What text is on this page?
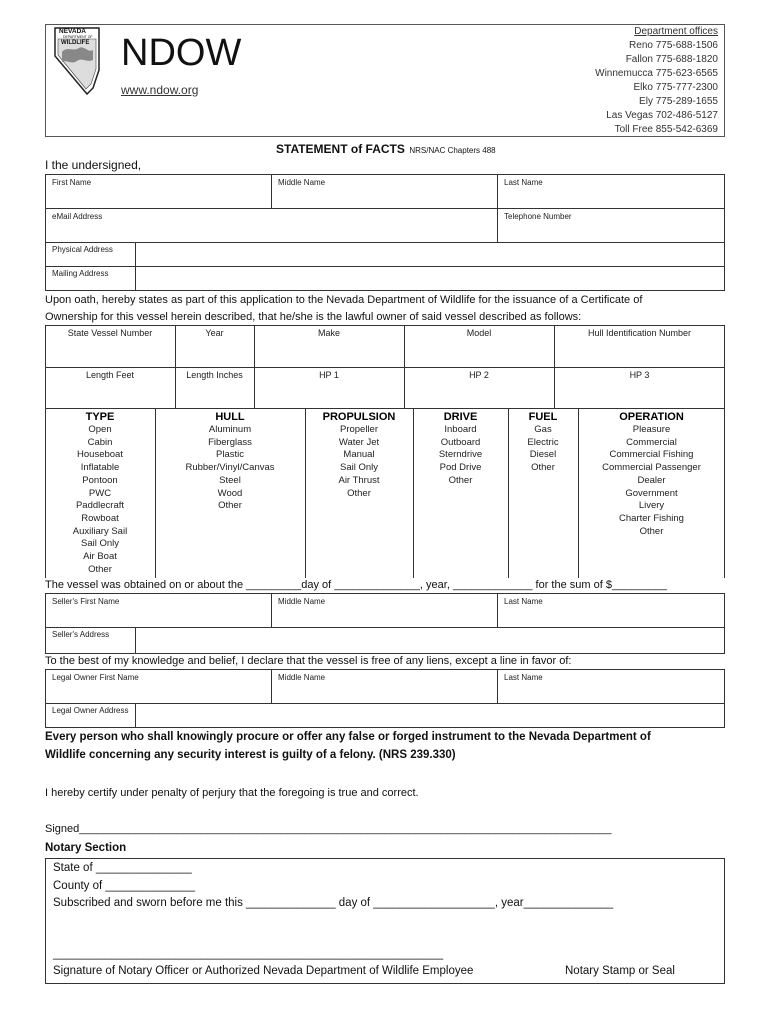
NEVADA
DEPARTMENT OF
WILDLIFE NDOW
www.ndow.org
Department offices
Reno 775-688-1506
Fallon 775-688-1820
Winnemucca 775-623-6565
Elko 775-777-2300
Ely 775-289-1655
Las Vegas 702-486-5127
Toll Free 855-542-6369
STATEMENT of FACTS NRS/NAC Chapters 488
I the undersigned,
First Name	Middle Name	Last Name
eMail Address	Telephone Number
Physical Address
Mailing Address
Upon oath, hereby states as part of this application to the Nevada Department of Wildlife for the issuance of a Certificate of
Ownership for this vessel herein described, that he/she is the lawful owner of said vessel described as follows:
State Vessel Number	Year	Make	Model	Hull Identification Number
Length Feet	Length Inches	HP 1	HP 2	HP 3
TYPE
Open
Cabin
Houseboat
Inflatable
Pontoon
PWC
Paddlecraft
Rowboat
Auxiliary Sail
Sail Only
Air Boat
Other
HULL
Aluminum
Fiberglass
Plastic
Rubber/Vinyl/Canvas
Steel
Wood
Other
PROPULSION
Propeller
Water Jet
Manual
Sail Only
Air Thrust
Other
DRIVE
Inboard
Outboard
Sterndrive
Pod Drive
Other
FUEL
Gas
Electric
Diesel
Other
OPERATION
Pleasure
Commercial
Commercial Fishing
Commercial Passenger
Dealer
Government
Livery
Charter Fishing
Other
The vessel was obtained on or about the _________day of ______________, year, _____________ for the sum of $_________
Seller's First Name	Middle Name	Last Name
Seller's Address
To the best of my knowledge and belief, I declare that the vessel is free of any liens, except a line in favor of:
Legal Owner First Name	Middle Name	Last Name
Legal Owner Address
Every person who shall knowingly procure or offer any false or forged instrument to the Nevada Department of
Wildlife concerning any security interest is guilty of a felony. (NRS 239.330)
I hereby certify under penalty of perjury that the foregoing is true and correct.
Signed_______________________________________________________________________________________
Notary Section
State of _______________
County of ______________
Subscribed and sworn before me this ______________ day of ___________________, year______________
_____________________________________________________________
Signature of Notary Officer or Authorized Nevada Department of Wildlife Employee	Notary Stamp or Seal
